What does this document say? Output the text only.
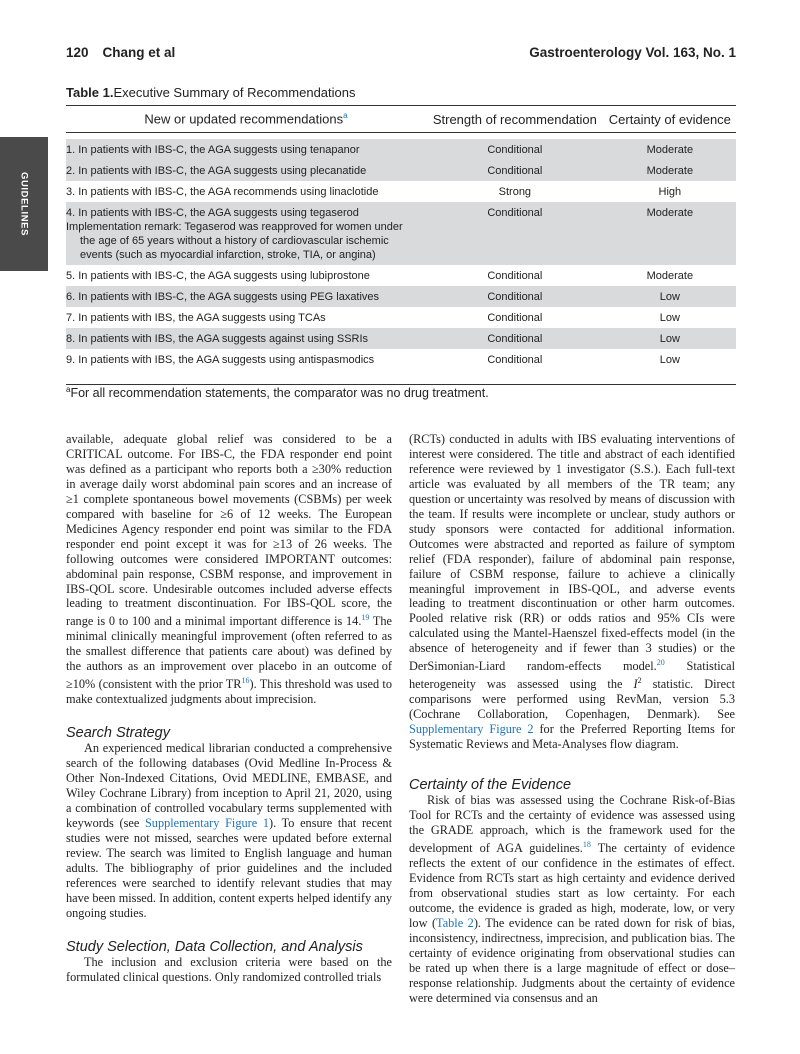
120 Chang et al	Gastroenterology Vol. 163, No. 1
GUIDELINES
Table 1.Executive Summary of Recommendations
New or updated recommendations$^a$	Strength of recommendation	Certainty of evidence

1. In patients with IBS-C, the AGA suggests using tenapanor	Conditional	Moderate
2. In patients with IBS-C, the AGA suggests using plecanatide	Conditional	Moderate
3. In patients with IBS-C, the AGA recommends using linaclotide	Strong	High

4. In patients with IBS-C, the AGA suggests using tegaserod
Implementation remark: Tegaserod was reapproved for women under
the age of 65 years without a history of cardiovascular ischemic
events (such as myocardial infarction, stroke, TIA, or angina)	Conditional	Moderate
5. In patients with IBS-C, the AGA suggests using lubiprostone	Conditional	Moderate
6. In patients with IBS-C, the AGA suggests using PEG laxatives	Conditional	Low
7. In patients with IBS, the AGA suggests using TCAs	Conditional	Low
8. In patients with IBS, the AGA suggests against using SSRIs	Conditional	Low
9. In patients with IBS, the AGA suggests using antispasmodics	Conditional	Low

$^a$For all recommendation statements, the comparator was no drug treatment.

available, adequate global relief was considered to be a CRITICAL outcome. For IBS-C, the FDA responder end point was defined as a participant who reports both a ≥30% reduction in average daily worst abdominal pain scores and an increase of ≥1 complete spontaneous bowel movements (CSBMs) per week compared with baseline for ≥6 of 12 weeks. The European Medicines Agency responder end point was similar to the FDA responder end point except it was for ≥13 of 26 weeks. The following outcomes were considered IMPORTANT outcomes: abdominal pain response, CSBM response, and improvement in IBS-QOL score. Undesirable outcomes included adverse effects leading to treatment discontinuation. For IBS-QOL score, the range is 0 to 100 and a minimal important difference is 14.19 The minimal clinically meaningful improvement (often referred to as the smallest difference that patients care about) was defined by the authors as an improvement over placebo in an outcome of ≥10% (consistent with the prior TR$^{16}$). This threshold was used to make contextualized judgments about imprecision.

Search Strategy

An experienced medical librarian conducted a comprehensive search of the following databases (Ovid Medline In-Process & Other Non-Indexed Citations, Ovid MEDLINE, EMBASE, and Wiley Cochrane Library) from inception to April 21, 2020, using a combination of controlled vocabulary terms supplemented with keywords (see Supplementary Figure 1). To ensure that recent studies were not missed, searches were updated before external review. The search was limited to English language and human adults. The bibliography of prior guidelines and the included references were searched to identify relevant studies that may have been missed. In addition, content experts helped identify any ongoing studies.

Study Selection, Data Collection, and Analysis

The inclusion and exclusion criteria were based on the formulated clinical questions. Only randomized controlled trials

(RCTs) conducted in adults with IBS evaluating interventions of interest were considered. The title and abstract of each identified reference were reviewed by 1 investigator (S.S.). Each full-text article was evaluated by all members of the TR team; any question or uncertainty was resolved by means of discussion with the team. If results were incomplete or unclear, study authors or study sponsors were contacted for additional information. Outcomes were abstracted and reported as failure of symptom relief (FDA responder), failure of abdominal pain response, failure of CSBM response, failure to achieve a clinically meaningful improvement in IBS-QOL, and adverse events leading to treatment discontinuation or other harm outcomes. Pooled relative risk (RR) or odds ratios and 95% CIs were calculated using the Mantel-Haenszel fixed-effects model (in the absence of heterogeneity and if fewer than 3 studies) or the DerSimonian-Liard random-effects model.$^{20}$ Statistical heterogeneity was assessed using the $I^2$ statistic. Direct comparisons were performed using RevMan, version 5.3 (Cochrane Collaboration, Copenhagen, Denmark). See Supplementary Figure 2 for the Preferred Reporting Items for Systematic Reviews and Meta-Analyses flow diagram.

Certainty of the Evidence

Risk of bias was assessed using the Cochrane Risk-of-Bias Tool for RCTs and the certainty of evidence was assessed using the GRADE approach, which is the framework used for the development of AGA guidelines.$^{18}$ The certainty of evidence reflects the extent of our confidence in the estimates of effect. Evidence from RCTs start as high certainty and evidence derived from observational studies start as low certainty. For each outcome, the evidence is graded as high, moderate, low, or very low (Table 2). The evidence can be rated down for risk of bias, inconsistency, indirectness, imprecision, and publication bias. The certainty of evidence originating from observational studies can be rated up when there is a large magnitude of effect or dose–response relationship. Judgments about the certainty of evidence were determined via consensus and an
